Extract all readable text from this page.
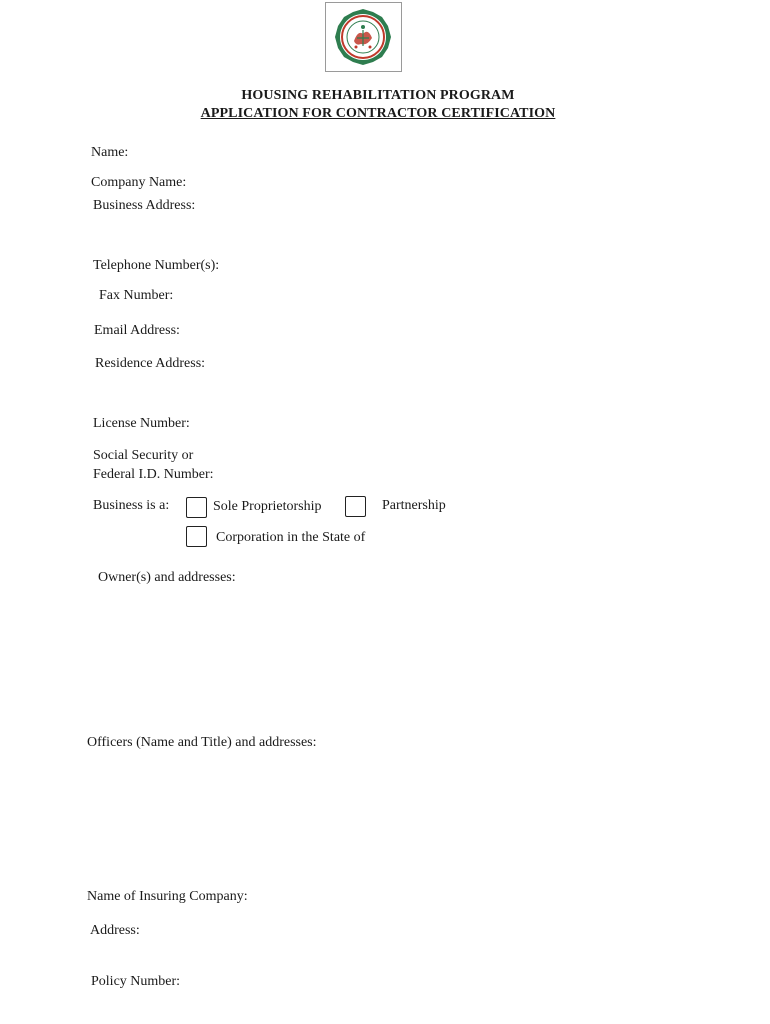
HOUSING REHABILITATION PROGRAM
APPLICATION FOR CONTRACTOR CERTIFICATION
Name:
Company Name:
Business Address:
Telephone Number(s):
Fax Number:
Email Address:
Residence Address:
License Number:
Social Security or
Federal I.D. Number:
Business is a:	Sole Proprietorship	Partnership
Corporation in the State of
Owner(s) and addresses:
Officers (Name and Title) and addresses:
Name of Insuring Company:
Address:
Policy Number:
